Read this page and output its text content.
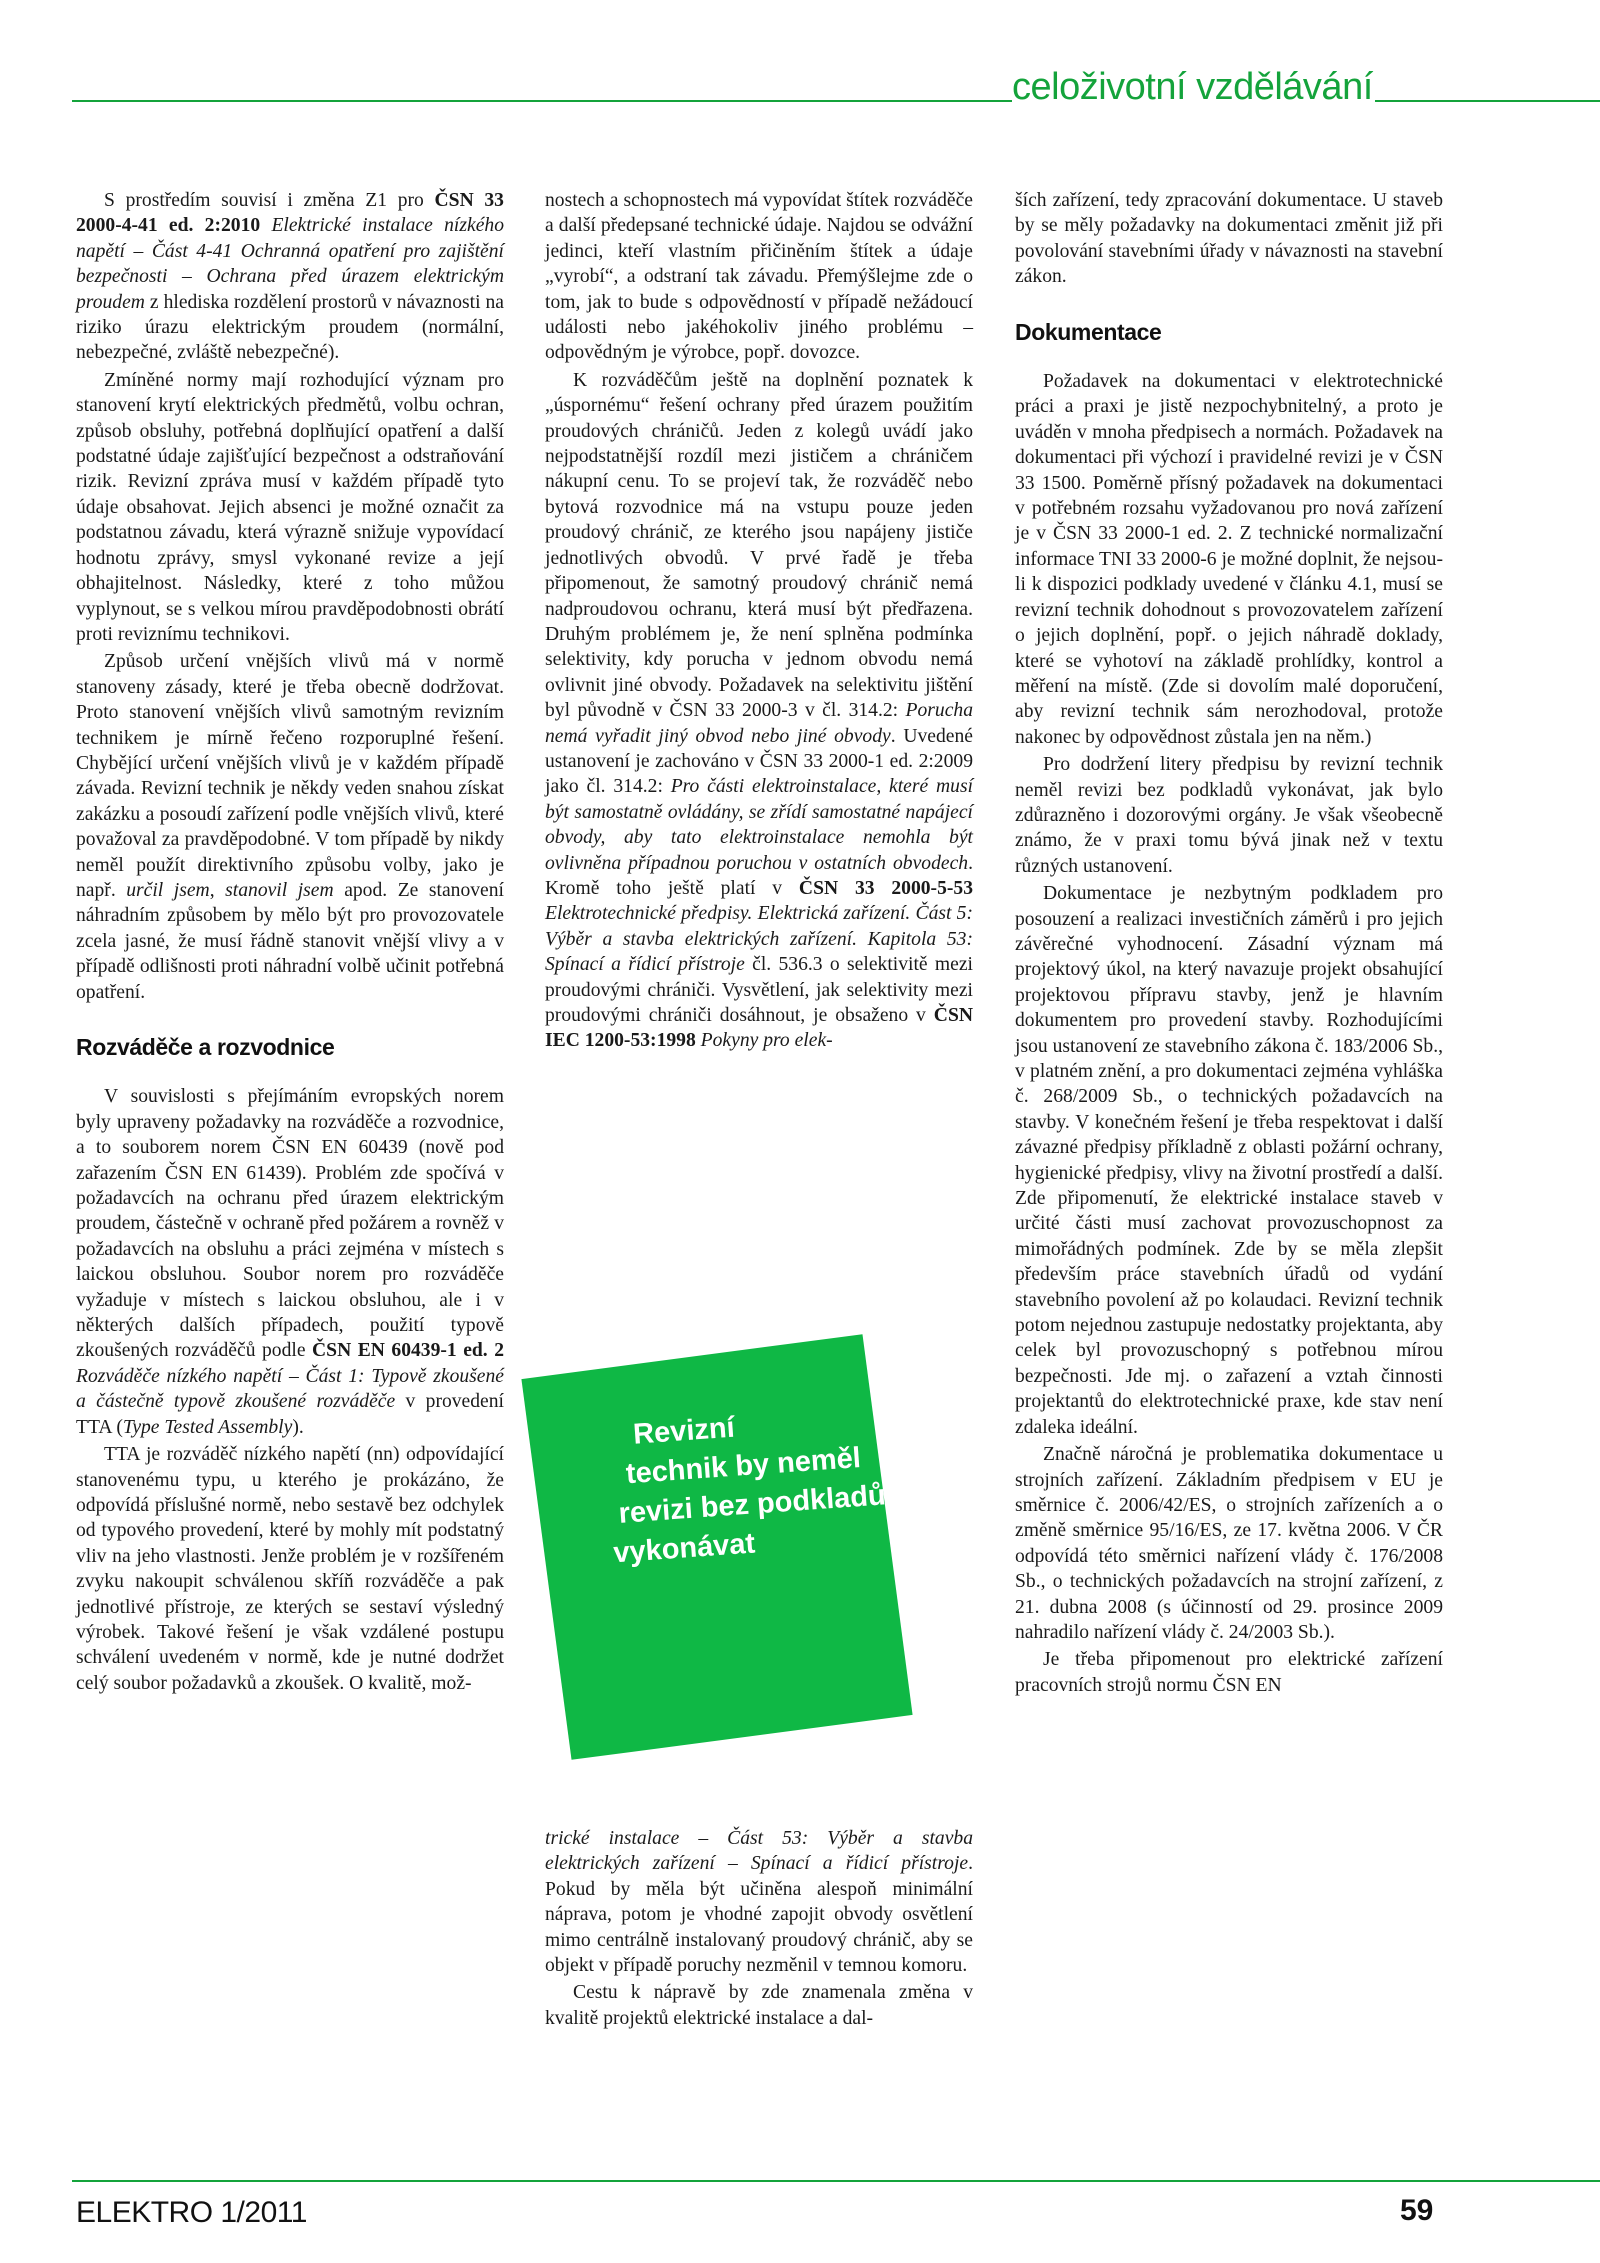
celoživotní vzdělávání

S prostředím souvisí i změna Z1 pro ČSN 33 2000-4-41 ed. 2:2010 Elektrické instalace nízkého napětí – Část 4-41 Ochranná opatření pro zajištění bezpečnosti – Ochrana před úrazem elektrickým proudem z hlediska rozdělení prostorů v návaznosti na riziko úrazu elektrickým proudem (normální, nebezpečné, zvláště nebezpečné).

Zmíněné normy mají rozhodující význam pro stanovení krytí elektrických předmětů, volbu ochran, způsob obsluhy, potřebná doplňující opatření a další podstatné údaje zajišťující bezpečnost a odstraňování rizik. Revizní zpráva musí v každém případě tyto údaje obsahovat. Jejich absenci je možné označit za podstatnou závadu, která výrazně snižuje vypovídací hodnotu zprávy, smysl vykonané revize a její obhajitelnost. Následky, které z toho můžou vyplynout, se s velkou mírou pravděpodobnosti obrátí proti reviznímu technikovi.

Způsob určení vnějších vlivů má v normě stanoveny zásady, které je třeba obecně dodržovat. Proto stanovení vnějších vlivů samotným revizním technikem je mírně řečeno rozporuplné řešení. Chybějící určení vnějších vlivů je v každém případě závada. Revizní technik je někdy veden snahou získat zakázku a posoudí zařízení podle vnějších vlivů, které považoval za pravděpodobné. V tom případě by nikdy neměl použít direktivního způsobu volby, jako je např. určil jsem, stanovil jsem apod. Ze stanovení náhradním způsobem by mělo být pro provozovatele zcela jasné, že musí řádně stanovit vnější vlivy a v případě odlišnosti proti náhradní volbě učinit potřebná opatření.

Rozváděče a rozvodnice

V souvislosti s přejímáním evropských norem byly upraveny požadavky na rozváděče a rozvodnice, a to souborem norem ČSN EN 60439 (nově pod zařazením ČSN EN 61439). Problém zde spočívá v požadavcích na ochranu před úrazem elektrickým proudem, částečně v ochraně před požárem a rovněž v požadavcích na obsluhu a práci zejména v místech s laickou obsluhou. Soubor norem pro rozváděče vyžaduje v místech s laickou obsluhou, ale i v některých dalších případech, použití typově zkoušených rozváděčů podle ČSN EN 60439-1 ed. 2 Rozváděče nízkého napětí – Část 1: Typově zkoušené a částečně typově zkoušené rozváděče v provedení TTA (Type Tested Assembly).

TTA je rozváděč nízkého napětí (nn) odpovídající stanovenému typu, u kterého je prokázáno, že odpovídá příslušné normě, nebo sestavě bez odchylek od typového provedení, které by mohly mít podstatný vliv na jeho vlastnosti. Jenže problém je v rozšířeném zvyku nakoupit schválenou skříň rozváděče a pak jednotlivé přístroje, ze kterých se sestaví výsledný výrobek. Takové řešení je však vzdálené postupu schválení uvedeném v normě, kde je nutné dodržet celý soubor požadavků a zkoušek. O kvalitě, mož-

nostech a schopnostech má vypovídat štítek rozváděče a další předepsané technické údaje. Najdou se odvážní jedinci, kteří vlastním přičiněním štítek a údaje „vyrobí“, a odstraní tak závadu. Přemýšlejme zde o tom, jak to bude s odpovědností v případě nežádoucí události nebo jakéhokoliv jiného problému – odpovědným je výrobce, popř. dovozce.

K rozváděčům ještě na doplnění poznatek k „úspornému“ řešení ochrany před úrazem použitím proudových chráničů. Jeden z kolegů uvádí jako nejpodstatnější rozdíl mezi jističem a chráničem nákupní cenu. To se projeví tak, že rozváděč nebo bytová rozvodnice má na vstupu pouze jeden proudový chránič, ze kterého jsou napájeny jističe jednotlivých obvodů. V prvé řadě je třeba připomenout, že samotný proudový chránič nemá nadproudovou ochranu, která musí být předřazena. Druhým problémem je, že není splněna podmínka selektivity, kdy porucha v jednom obvodu nemá ovlivnit jiné obvody. Požadavek na selektivitu jištění byl původně v ČSN 33 2000-3 v čl. 314.2: Porucha nemá vyřadit jiný obvod nebo jiné obvody. Uvedené ustanovení je zachováno v ČSN 33 2000-1 ed. 2:2009 jako čl. 314.2: Pro části elektroinstalace, které musí být samostatně ovládány, se zřídí samostatné napájecí obvody, aby tato elektroinstalace nemohla být ovlivněna případnou poruchou v ostatních obvodech. Kromě toho ještě platí v ČSN 33 2000-5-53 Elektrotechnické předpisy. Elektrická zařízení. Část 5: Výběr a stavba elektrických zařízení. Kapitola 53: Spínací a řídicí přístroje čl. 536.3 o selektivitě mezi proudovými chrániči. Vysvětlení, jak selektivity mezi proudovými chrániči dosáhnout, je obsaženo v ČSN IEC 1200-53:1998 Pokyny pro elek-

Revizní
technik by neměl
revizi bez podkladů
vykonávat

trické instalace – Část 53: Výběr a stavba elektrických zařízení – Spínací a řídicí přístroje. Pokud by měla být učiněna alespoň minimální náprava, potom je vhodné zapojit obvody osvětlení mimo centrálně instalovaný proudový chránič, aby se objekt v případě poruchy nezměnil v temnou komoru.

Cestu k nápravě by zde znamenala změna v kvalitě projektů elektrické instalace a dal-

ších zařízení, tedy zpracování dokumentace. U staveb by se měly požadavky na dokumentaci změnit již při povolování stavebními úřady v návaznosti na stavební zákon.

Dokumentace

Požadavek na dokumentaci v elektrotechnické práci a praxi je jistě nezpochybnitelný, a proto je uváděn v mnoha předpisech a normách. Požadavek na dokumentaci při výchozí i pravidelné revizi je v ČSN 33 1500. Poměrně přísný požadavek na dokumentaci v potřebném rozsahu vyžadovanou pro nová zařízení je v ČSN 33 2000-1 ed. 2. Z technické normalizační informace TNI 33 2000-6 je možné doplnit, že nejsou-li k dispozici podklady uvedené v článku 4.1, musí se revizní technik dohodnout s provozovatelem zařízení o jejich doplnění, popř. o jejich náhradě doklady, které se vyhotoví na základě prohlídky, kontrol a měření na místě. (Zde si dovolím malé doporučení, aby revizní technik sám nerozhodoval, protože nakonec by odpovědnost zůstala jen na něm.)

Pro dodržení litery předpisu by revizní technik neměl revizi bez podkladů vykonávat, jak bylo zdůrazněno i dozorovými orgány. Je však všeobecně známo, že v praxi tomu bývá jinak než v textu různých ustanovení.

Dokumentace je nezbytným podkladem pro posouzení a realizaci investičních záměrů i pro jejich závěrečné vyhodnocení. Zásadní význam má projektový úkol, na který navazuje projekt obsahující projektovou přípravu stavby, jenž je hlavním dokumentem pro provedení stavby. Rozhodujícími jsou ustanovení ze stavebního zákona č. 183/2006 Sb., v platném znění, a pro dokumentaci zejména vyhláška č. 268/2009 Sb., o technických požadavcích na stavby. V konečném řešení je třeba respektovat i další závazné předpisy příkladně z oblasti požární ochrany, hygienické předpisy, vlivy na životní prostředí a další. Zde připomenutí, že elektrické instalace staveb v určité části musí zachovat provozuschopnost za mimořádných podmínek. Zde by se měla zlepšit především práce stavebních úřadů od vydání stavebního povolení až po kolaudaci. Revizní technik potom nejednou zastupuje nedostatky projektanta, aby celek byl provozuschopný s potřebnou mírou bezpečnosti. Jde mj. o zařazení a vztah činnosti projektantů do elektrotechnické praxe, kde stav není zdaleka ideální.

Značně náročná je problematika dokumentace u strojních zařízení. Základním předpisem v EU je směrnice č. 2006/42/ES, o strojních zařízeních a o změně směrnice 95/16/ES, ze 17. května 2006. V ČR odpovídá této směrnici nařízení vlády č. 176/2008 Sb., o technických požadavcích na strojní zařízení, z 21. dubna 2008 (s účinností od 29. prosince 2009 nahradilo nařízení vlády č. 24/2003 Sb.).

Je třeba připomenout pro elektrické zařízení pracovních strojů normu ČSN EN

ELEKTRO 1/2011	59
